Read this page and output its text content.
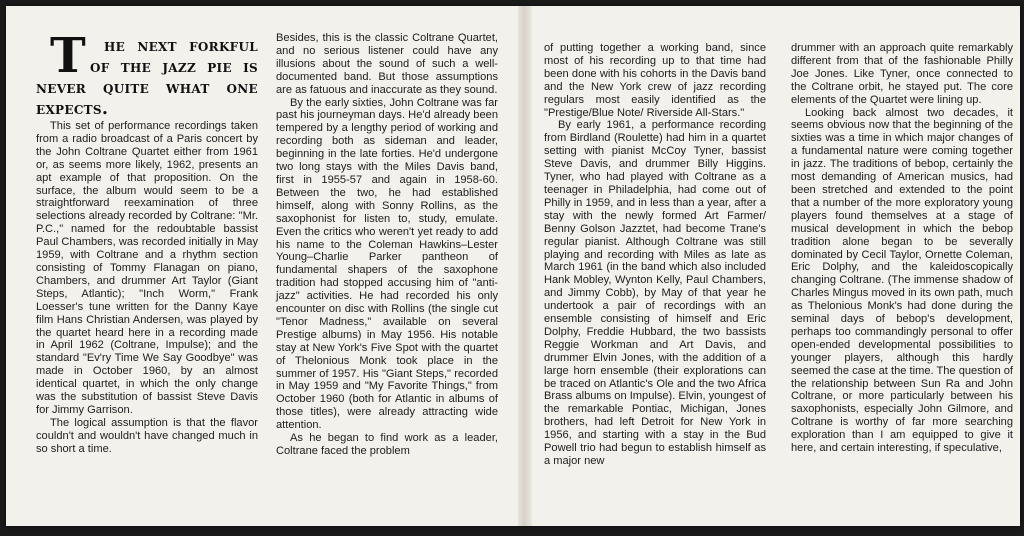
T he next forkful of the jazz pie is never quite what one expects.

This set of performance recordings taken from a radio broadcast of a Paris concert by the John Coltrane Quartet either from 1961 or, as seems more likely, 1962, presents an apt example of that proposition. On the surface, the album would seem to be a straightforward reexamination of three selections already recorded by Coltrane: "Mr. P.C.," named for the redoubtable bassist Paul Chambers, was recorded initially in May 1959, with Coltrane and a rhythm section consisting of Tommy Flanagan on piano, Chambers, and drummer Art Taylor (Giant Steps, Atlantic); "Inch Worm," Frank Loesser's tune written for the Danny Kaye film Hans Christian Andersen, was played by the quartet heard here in a recording made in April 1962 (Coltrane, Impulse); and the standard "Ev'ry Time We Say Goodbye" was made in October 1960, by an almost identical quartet, in which the only change was the substitution of bassist Steve Davis for Jimmy Garrison.

The logical assumption is that the flavor couldn't and wouldn't have changed much in so short a time.

Besides, this is the classic Coltrane Quartet, and no serious listener could have any illusions about the sound of such a well-documented band. But those assumptions are as fatuous and inaccurate as they sound.

By the early sixties, John Coltrane was far past his journeyman days. He'd already been tempered by a lengthy period of working and recording both as sideman and leader, beginning in the late forties. He'd undergone two long stays with the Miles Davis band, first in 1955-57 and again in 1958-60. Between the two, he had established himself, along with Sonny Rollins, as the saxophonist for listen to, study, emulate. Even the critics who weren't yet ready to add his name to the Coleman Hawkins–Lester Young–Charlie Parker pantheon of fundamental shapers of the saxophone tradition had stopped accusing him of "anti-jazz" activities. He had recorded his only encounter on disc with Rollins (the single cut "Tenor Madness," available on several Prestige albums) in May 1956. His notable stay at New York's Five Spot with the quartet of Thelonious Monk took place in the summer of 1957. His "Giant Steps," recorded in May 1959 and "My Favorite Things," from October 1960 (both for Atlantic in albums of those titles), were already attracting wide attention.

As he began to find work as a leader, Coltrane faced the problem

of putting together a working band, since most of his recording up to that time had been done with his cohorts in the Davis band and the New York crew of jazz recording regulars most easily identified as the "Prestige/Blue Note/ Riverside All-Stars."

By early 1961, a performance recording from Birdland (Roulette) had him in a quartet setting with pianist McCoy Tyner, bassist Steve Davis, and drummer Billy Higgins. Tyner, who had played with Coltrane as a teenager in Philadelphia, had come out of Philly in 1959, and in less than a year, after a stay with the newly formed Art Farmer/ Benny Golson Jazztet, had become Trane's regular pianist. Although Coltrane was still playing and recording with Miles as late as March 1961 (in the band which also included Hank Mobley, Wynton Kelly, Paul Chambers, and Jimmy Cobb), by May of that year he undertook a pair of recordings with an ensemble consisting of himself and Eric Dolphy, Freddie Hubbard, the two bassists Reggie Workman and Art Davis, and drummer Elvin Jones, with the addition of a large horn ensemble (their explorations can be traced on Atlantic's Ole and the two Africa Brass albums on Impulse). Elvin, youngest of the remarkable Pontiac, Michigan, Jones brothers, had left Detroit for New York in 1956, and starting with a stay in the Bud Powell trio had begun to establish himself as a major new

drummer with an approach quite remarkably different from that of the fashionable Philly Joe Jones. Like Tyner, once connected to the Coltrane orbit, he stayed put. The core elements of the Quartet were lining up.

Looking back almost two decades, it seems obvious now that the beginning of the sixties was a time in which major changes of a fundamental nature were coming together in jazz. The traditions of bebop, certainly the most demanding of American musics, had been stretched and extended to the point that a number of the more exploratory young players found themselves at a stage of musical development in which the bebop tradition alone began to be severally dominated by Cecil Taylor, Ornette Coleman, Eric Dolphy, and the kaleidoscopically changing Coltrane. (The immense shadow of Charles Mingus moved in its own path, much as Thelonious Monk's had done during the seminal days of bebop's development, perhaps too commandingly personal to offer open-ended developmental possibilities to younger players, although this hardly seemed the case at the time. The question of the relationship between Sun Ra and John Coltrane, or more particularly between his saxophonists, especially John Gilmore, and Coltrane is worthy of far more searching exploration than I am equipped to give it here, and certain interesting, if speculative,
